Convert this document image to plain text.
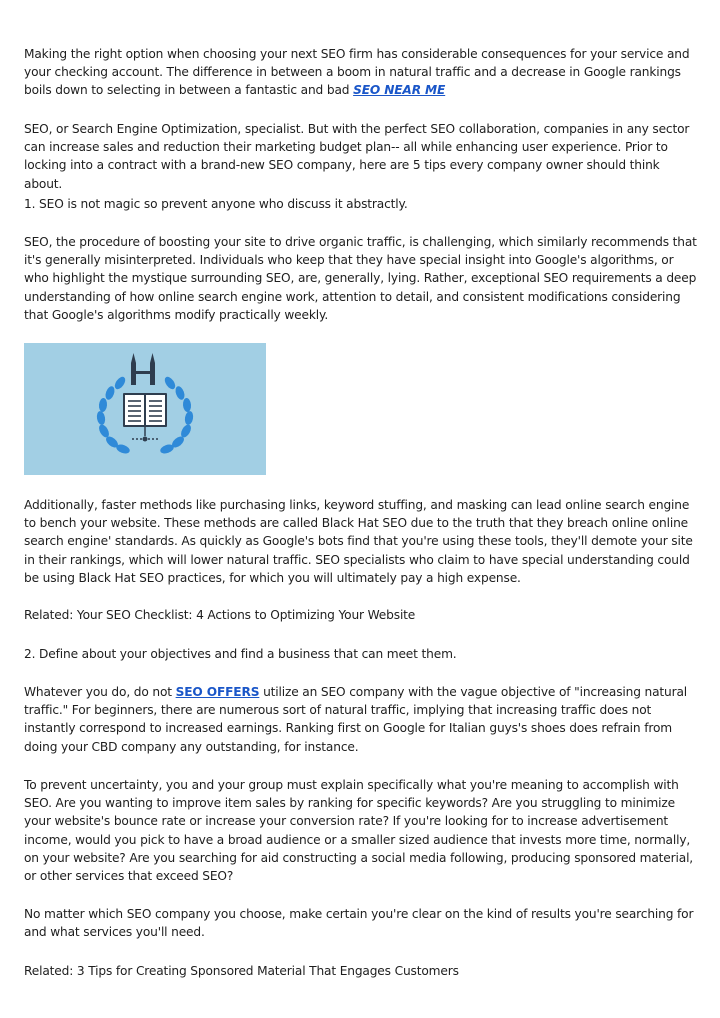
Making the right option when choosing your next SEO firm has considerable consequences for your service and your checking account. The difference in between a boom in natural traffic and a decrease in Google rankings boils down to selecting in between a fantastic and bad SEO NEAR ME

SEO, or Search Engine Optimization, specialist. But with the perfect SEO collaboration, companies in any sector can increase sales and reduction their marketing budget plan-- all while enhancing user experience. Prior to locking into a contract with a brand-new SEO company, here are 5 tips every company owner should think about.

1. SEO is not magic so prevent anyone who discuss it abstractly.

SEO, the procedure of boosting your site to drive organic traffic, is challenging, which similarly recommends that it's generally misinterpreted. Individuals who keep that they have special insight into Google's algorithms, or who highlight the mystique surrounding SEO, are, generally, lying. Rather, exceptional SEO requirements a deep understanding of how online search engine work, attention to detail, and consistent modifications considering that Google's algorithms modify practically weekly.

Additionally, faster methods like purchasing links, keyword stuffing, and masking can lead online search engine to bench your website. These methods are called Black Hat SEO due to the truth that they breach online online search engine' standards. As quickly as Google's bots find that you're using these tools, they'll demote your site in their rankings, which will lower natural traffic. SEO specialists who claim to have special understanding could be using Black Hat SEO practices, for which you will ultimately pay a high expense.

Related: Your SEO Checklist: 4 Actions to Optimizing Your Website

2. Define about your objectives and find a business that can meet them.

Whatever you do, do not SEO OFFERS utilize an SEO company with the vague objective of "increasing natural traffic." For beginners, there are numerous sort of natural traffic, implying that increasing traffic does not instantly correspond to increased earnings. Ranking first on Google for Italian guys's shoes does refrain from doing your CBD company any outstanding, for instance.

To prevent uncertainty, you and your group must explain specifically what you're meaning to accomplish with SEO. Are you wanting to improve item sales by ranking for specific keywords? Are you struggling to minimize your website's bounce rate or increase your conversion rate? If you're looking for to increase advertisement income, would you pick to have a broad audience or a smaller sized audience that invests more time, normally, on your website? Are you searching for aid constructing a social media following, producing sponsored material, or other services that exceed SEO?

No matter which SEO company you choose, make certain you're clear on the kind of results you're searching for and what services you'll need.

Related: 3 Tips for Creating Sponsored Material That Engages Customers
